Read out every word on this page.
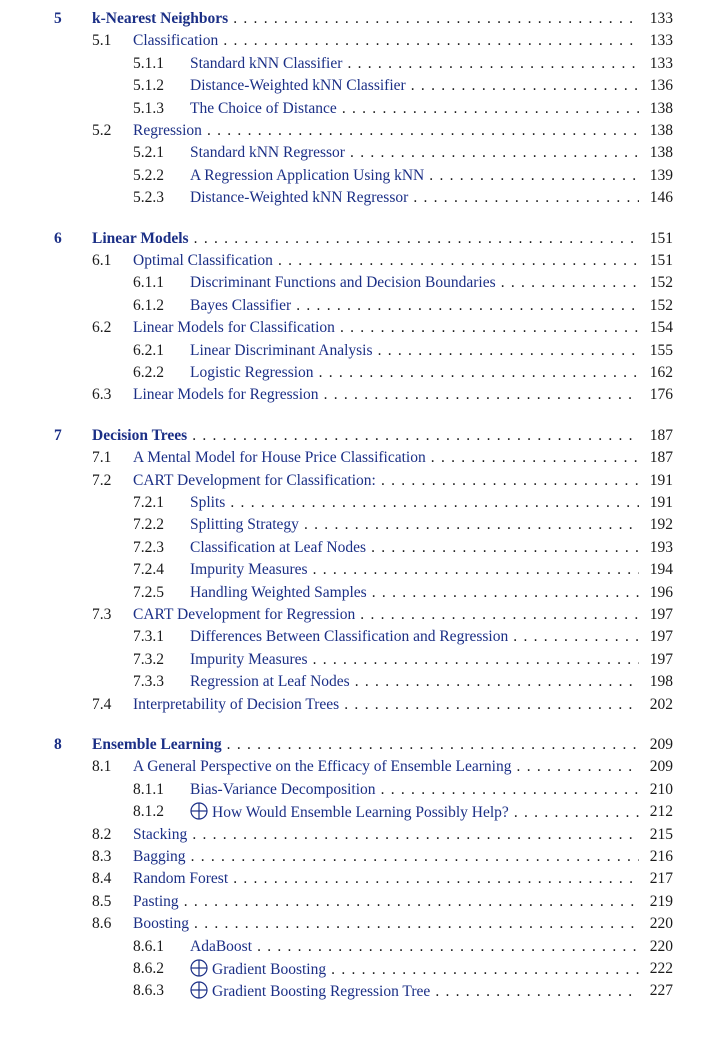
5 k-Nearest Neighbors . . .	133
5.1 Classification . . .	133
5.1.1 Standard kNN Classifier . . .	133
5.1.2 Distance-Weighted kNN Classifier . . .	136
5.1.3 The Choice of Distance . . .	138
5.2 Regression . . .	138
5.2.1 Standard kNN Regressor . . .	138
5.2.2 A Regression Application Using kNN . . .	139
5.2.3 Distance-Weighted kNN Regressor . . .	146
6 Linear Models . . .	151
6.1 Optimal Classification . . .	151
6.1.1 Discriminant Functions and Decision Boundaries . . .	152
6.1.2 Bayes Classifier . . .	152
6.2 Linear Models for Classification . . .	154
6.2.1 Linear Discriminant Analysis . . .	155
6.2.2 Logistic Regression . . .	162
6.3 Linear Models for Regression . . .	176
7 Decision Trees . . .	187
7.1 A Mental Model for House Price Classification . . .	187
7.2 CART Development for Classification: . . .	191
7.2.1 Splits . . .	191
7.2.2 Splitting Strategy . . .	192
7.2.3 Classification at Leaf Nodes . . .	193
7.2.4 Impurity Measures . . .	194
7.2.5 Handling Weighted Samples . . .	196
7.3 CART Development for Regression . . .	197
7.3.1 Differences Between Classification and Regression . . .	197
7.3.2 Impurity Measures . . .	197
7.3.3 Regression at Leaf Nodes . . .	198
7.4 Interpretability of Decision Trees . . .	202
8 Ensemble Learning . . .	209
8.1 A General Perspective on the Efficacy of Ensemble Learning . . .	209
8.1.1 Bias-Variance Decomposition . . .	210
8.1.2	How Would Ensemble Learning Possibly Help? . . .	212
8.2 Stacking . . .	215
8.3 Bagging . . .	216
8.4 Random Forest . . .	217
8.5 Pasting . . .	219
8.6 Boosting . . .	220
8.6.1 AdaBoost . . .	220
8.6.2	Gradient Boosting . . .	222
8.6.3	Gradient Boosting Regression Tree . . .	227
